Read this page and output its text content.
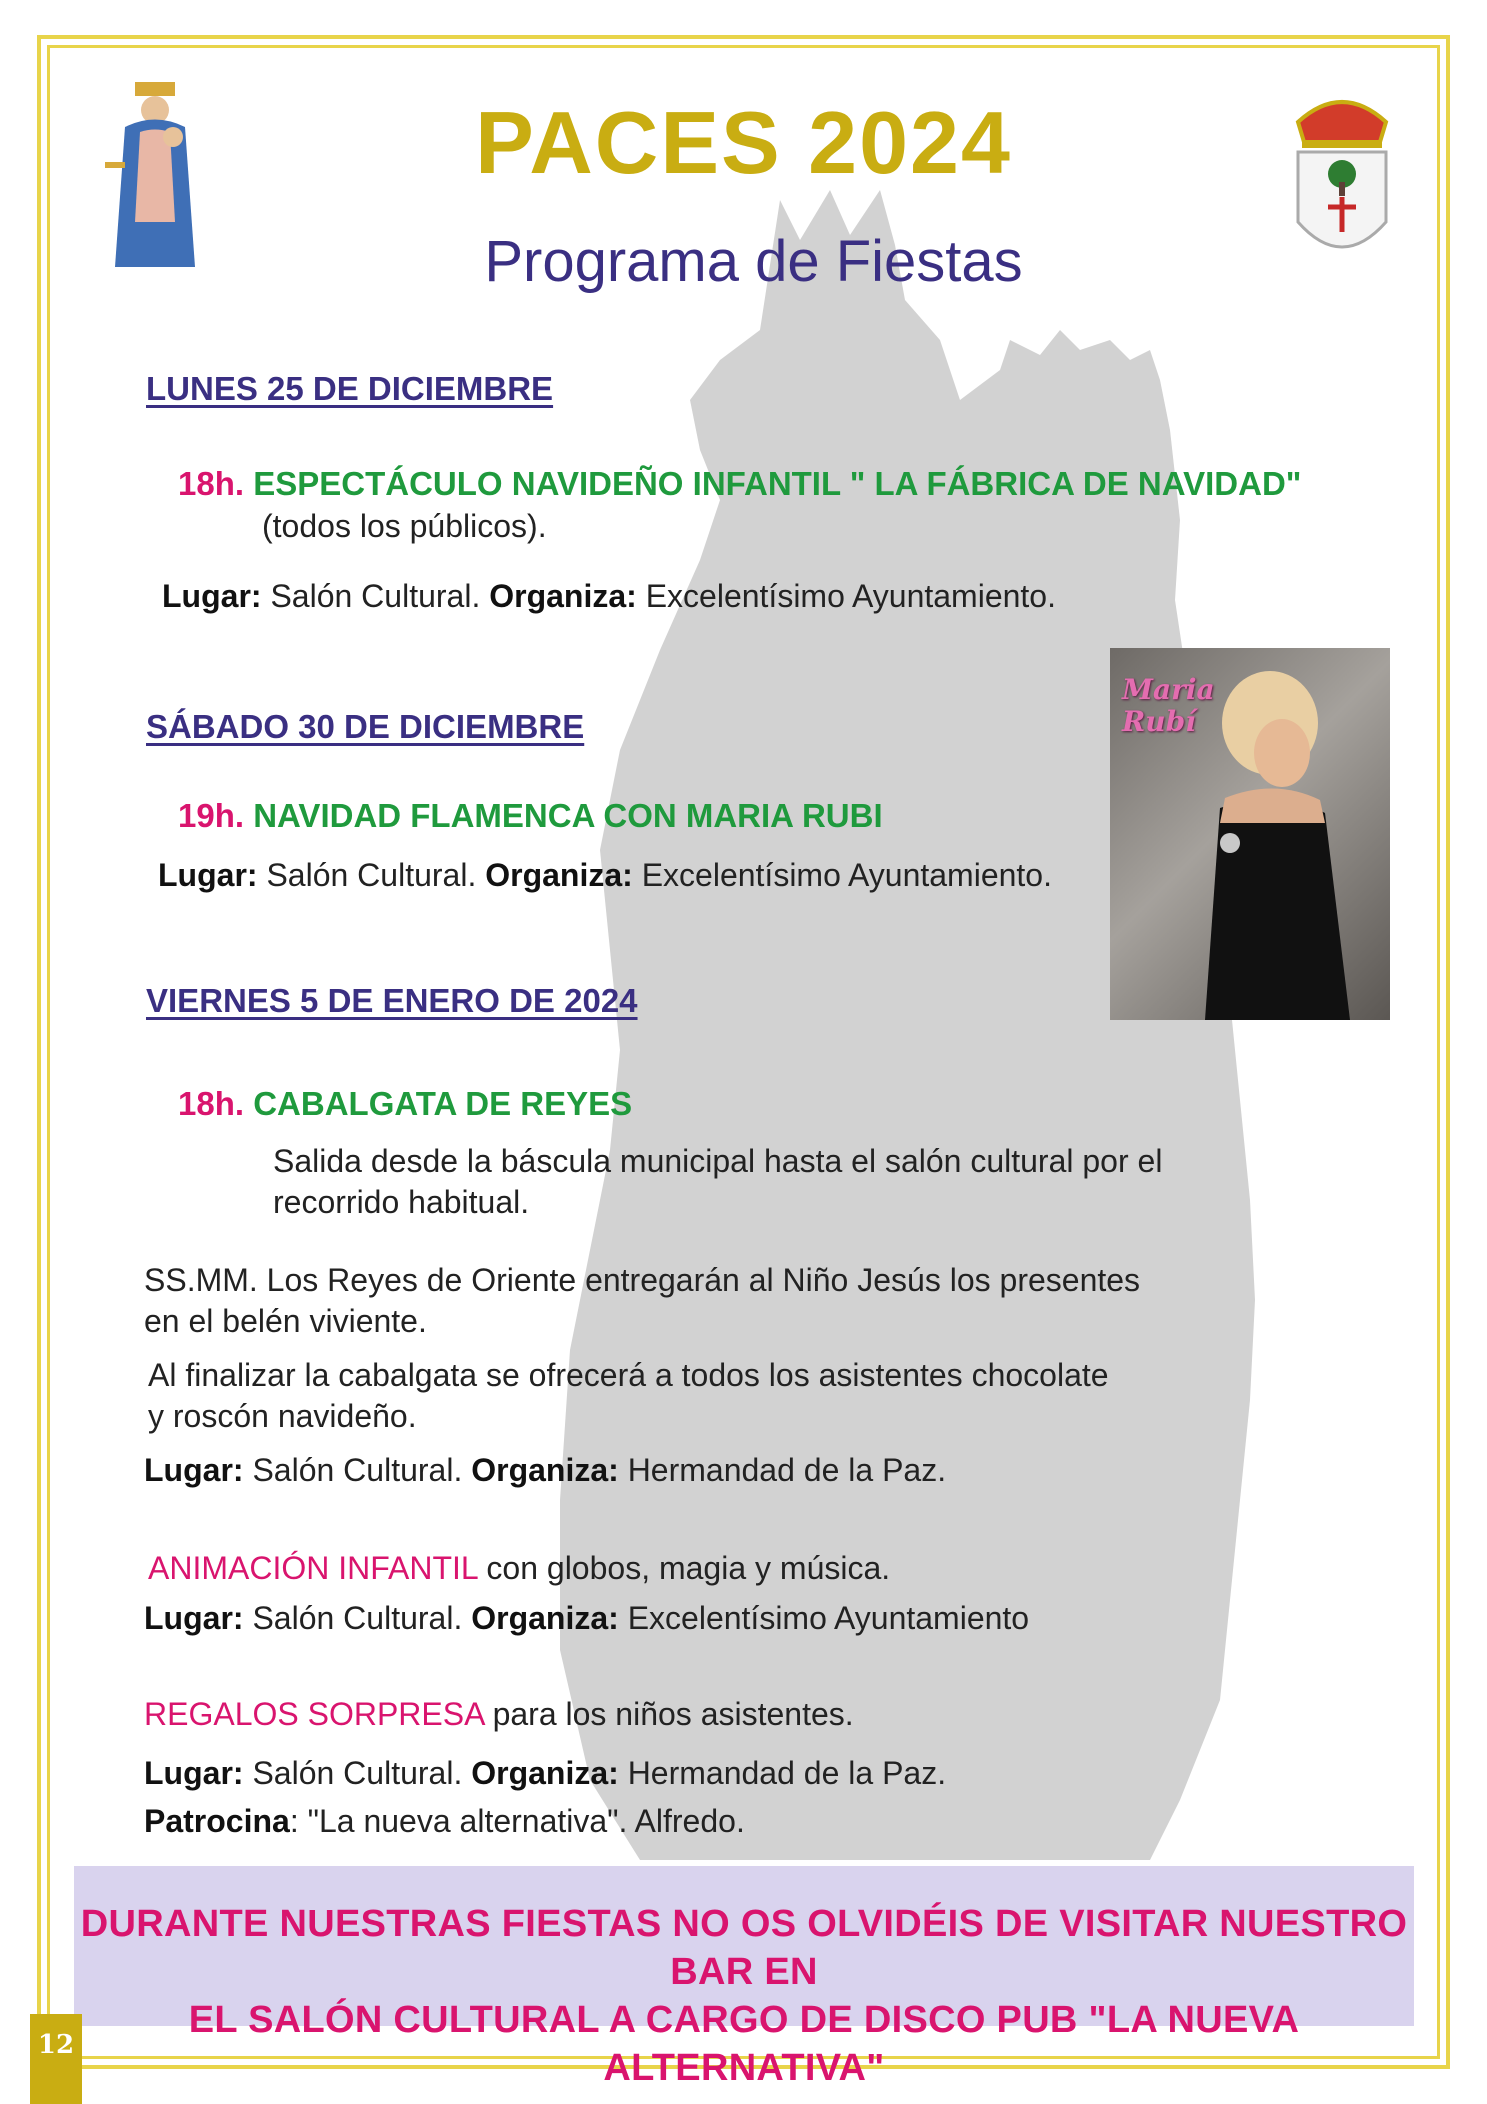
PACES 2024
Programa de Fiestas
LUNES 25 DE DICIEMBRE
18h. ESPECTÁCULO NAVIDEÑO INFANTIL " LA FÁBRICA DE NAVIDAD"
(todos los públicos).
Lugar: Salón Cultural. Organiza: Excelentísimo Ayuntamiento.
SÁBADO 30 DE DICIEMBRE
19h. NAVIDAD FLAMENCA CON MARIA RUBI
Lugar: Salón Cultural. Organiza: Excelentísimo Ayuntamiento.
Maria
Rubí
VIERNES 5 DE ENERO DE 2024
18h. CABALGATA DE REYES
Salida desde la báscula municipal hasta el salón cultural por el
recorrido habitual.
SS.MM. Los Reyes de Oriente entregarán al Niño Jesús los presentes
en el belén viviente.
Al finalizar la cabalgata se ofrecerá a todos los asistentes chocolate
y roscón navideño.
Lugar: Salón Cultural. Organiza: Hermandad de la Paz.
ANIMACIÓN INFANTIL con globos, magia y música.
Lugar: Salón Cultural. Organiza: Excelentísimo Ayuntamiento
REGALOS SORPRESA para los niños asistentes.
Lugar: Salón Cultural. Organiza: Hermandad de la Paz.
Patrocina: "La nueva alternativa". Alfredo.
DURANTE NUESTRAS FIESTAS NO OS OLVIDÉIS DE VISITAR NUESTRO BAR EN
EL SALÓN CULTURAL A CARGO DE DISCO PUB "LA NUEVA ALTERNATIVA"
12
